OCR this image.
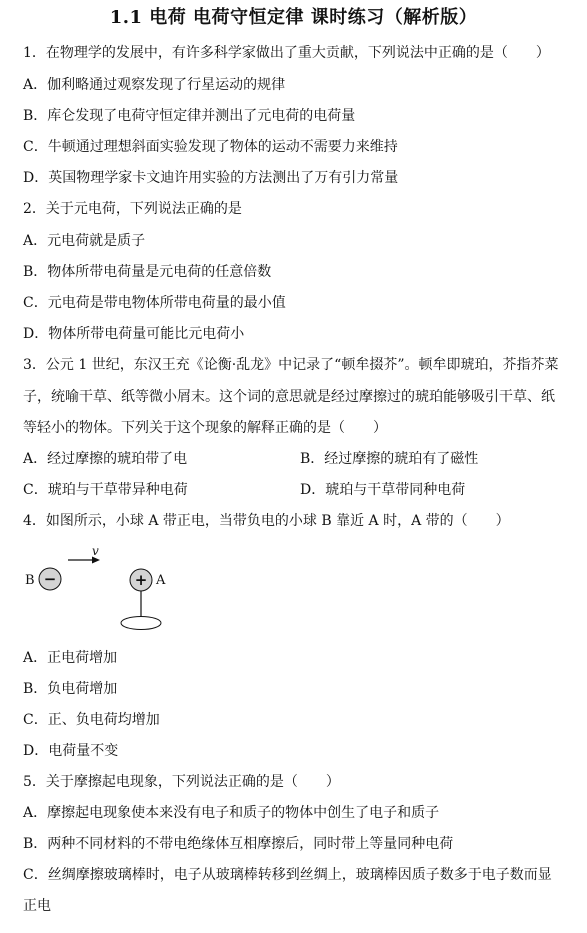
1.1 电荷 电荷守恒定律 课时练习（解析版）
1．在物理学的发展中，有许多科学家做出了重大贡献，下列说法中正确的是（　　）
A．伽利略通过观察发现了行星运动的规律
B．库仑发现了电荷守恒定律并测出了元电荷的电荷量
C．牛顿通过理想斜面实验发现了物体的运动不需要力来维持
D．英国物理学家卡文迪许用实验的方法测出了万有引力常量
2．关于元电荷，下列说法正确的是
A．元电荷就是质子
B．物体所带电荷量是元电荷的任意倍数
C．元电荷是带电物体所带电荷量的最小值
D．物体所带电荷量可能比元电荷小
3．公元 1 世纪，东汉王充《论衡·乱龙》中记录了“顿牟掇芥”。顿牟即琥珀，芥指芥菜
子，统喻干草、纸等微小屑末。这个词的意思就是经过摩擦过的琥珀能够吸引干草、纸
等轻小的物体。下列关于这个现象的解释正确的是（　　）
A．经过摩擦的琥珀带了电	B．经过摩擦的琥珀有了磁性
C．琥珀与干草带异种电荷	D．琥珀与干草带同种电荷
4．如图所示，小球 A 带正电，当带负电的小球 B 靠近 A 时，A 带的（　　）
v
B −	+ A
A．正电荷增加
B．负电荷增加
C．正、负电荷均增加
D．电荷量不变
5．关于摩擦起电现象，下列说法正确的是（　　）
A．摩擦起电现象使本来没有电子和质子的物体中创生了电子和质子
B．两种不同材料的不带电绝缘体互相摩擦后，同时带上等量同种电荷
C．丝绸摩擦玻璃棒时，电子从玻璃棒转移到丝绸上，玻璃棒因质子数多于电子数而显
正电
